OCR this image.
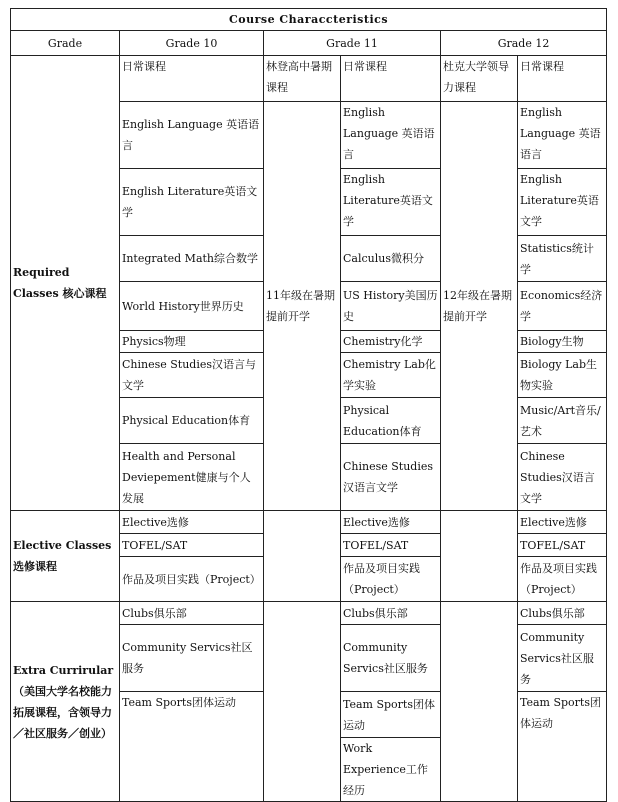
Course Characcteristics					
Grade	Grade 10	Grade 11		Grade 12	
Required Classes 核心课程	日常课程	林登高中暑期课程	日常课程	杜克大学领导力课程	日常课程
	English Language 英语语言	11年级在暑期提前开学	English Language 英语语言	12年级在暑期提前开学	English Language 英语语言
	English Literature英语文学		English Literature英语文学		English Literature英语文学
	Integrated Math综合数学		Calculus微积分		Statistics统计学
	World History世界历史		US History美国历史		Economics经济学
	Physics物理		Chemistry化学		Biology生物
	Chinese Studies汉语言与文学		Chemistry Lab化学实验		Biology Lab生物实验
	Physical Education体育		Physical Education体育		Music/Art音乐/艺术
	Health and Personal Deviepement健康与个人发展		Chinese Studies 汉语言文学		Chinese Studies汉语言文学
Elective Classes 选修课程	Elective选修		Elective选修		Elective选修
	TOFEL/SAT		TOFEL/SAT		TOFEL/SAT
	作品及项目实践（Project）		作品及项目实践（Project）		作品及项目实践（Project）
Extra Currirular （美国大学名校能力拓展课程，含领导力／社区服务／创业）	Clubs俱乐部		Clubs俱乐部		Clubs俱乐部
	Community Servics社区服务		Community Servics社区服务		Community Servics社区服务
	Team Sports团体运动		Team Sports团体运动		Team Sports团体运动
			Work Experience工作经历		
